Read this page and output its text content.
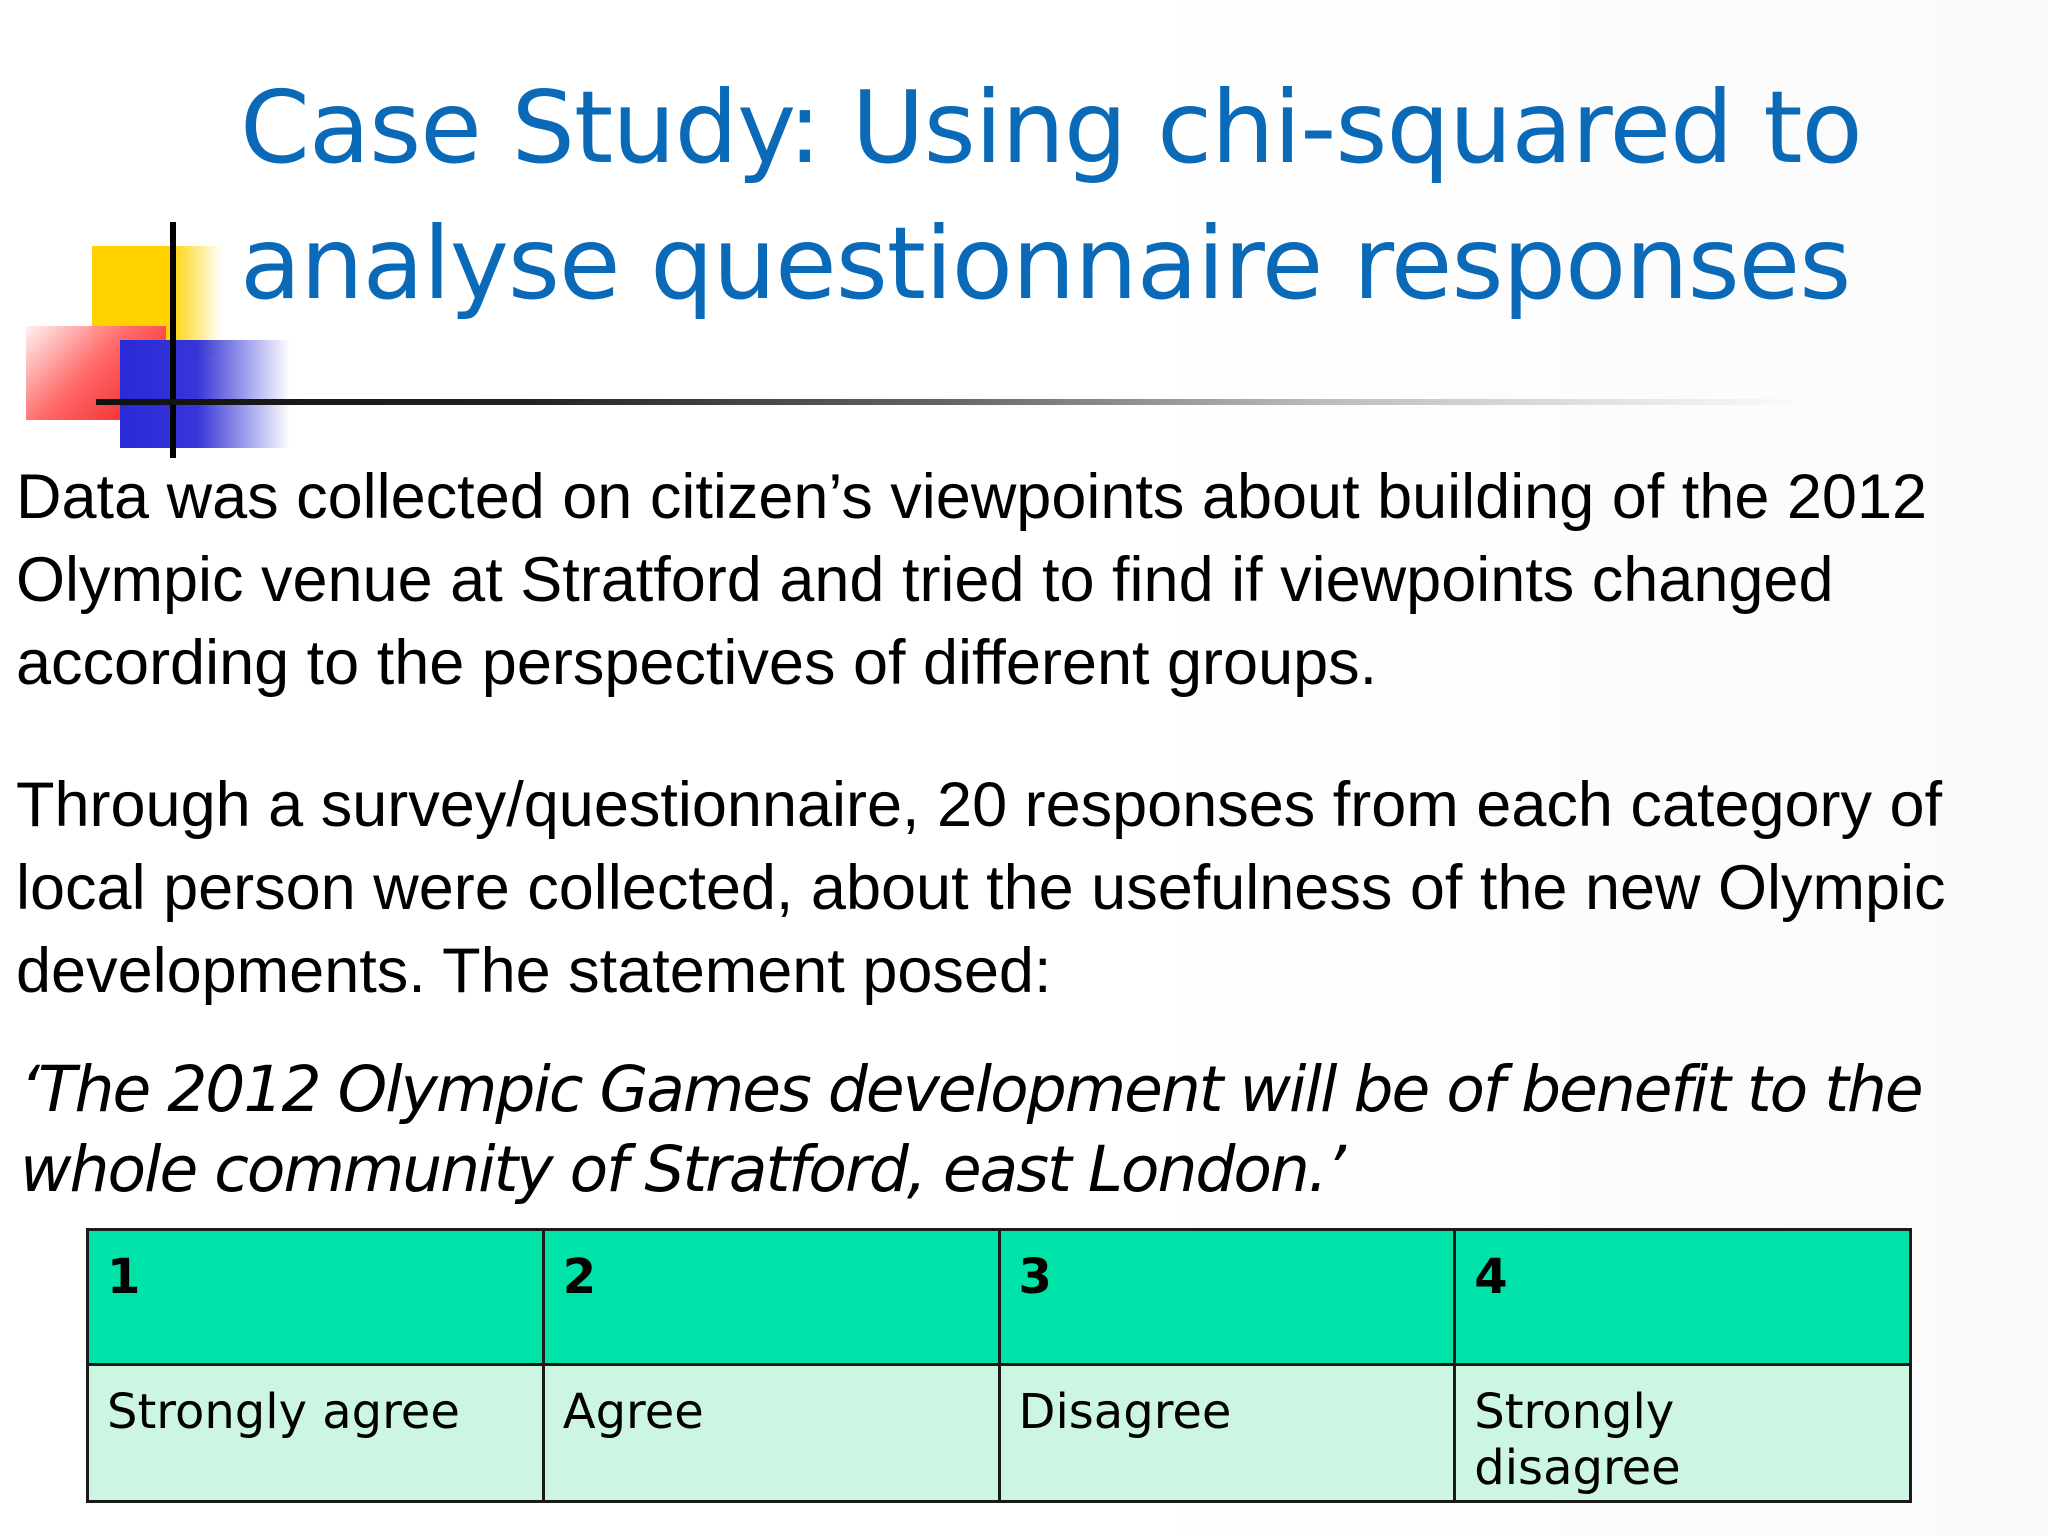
Case Study: Using chi-squared to analyse questionnaire responses

Data was collected on citizen’s viewpoints about building of the 2012 Olympic venue at Stratford and tried to find if viewpoints changed according to the perspectives of different groups.

Through a survey/questionnaire, 20 responses from each category of local person were collected, about the usefulness of the new Olympic developments. The statement posed:

‘The 2012 Olympic Games development will be of benefit to the whole community of Stratford, east London.’

1	2	3	4
Strongly agree	Agree	Disagree	Strongly disagree
